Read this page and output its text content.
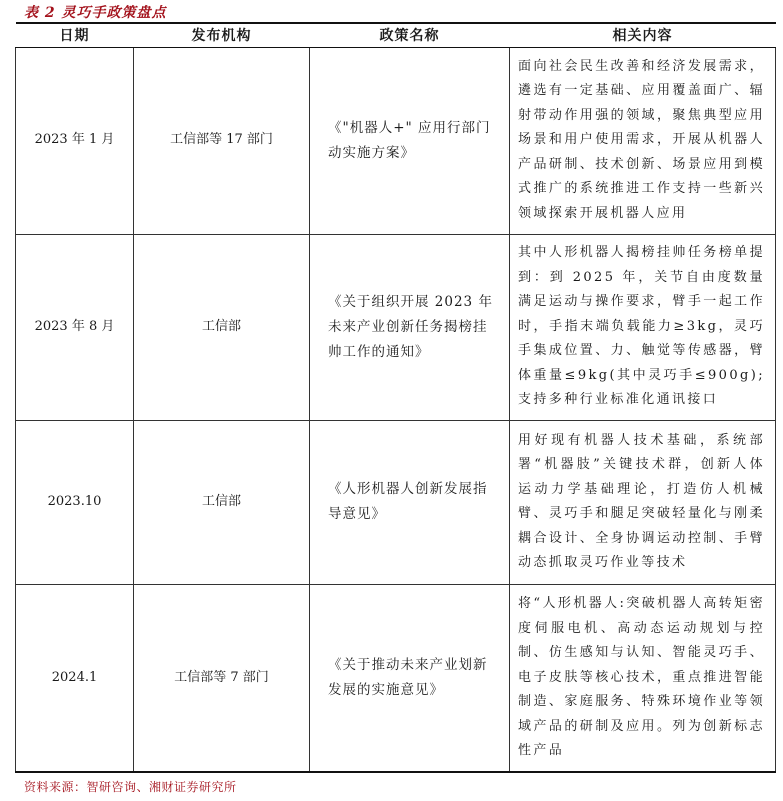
表 2 灵巧手政策盘点
日期	发布机构	政策名称	相关内容
2023 年 1 月	工信部等 17 部门	《"机器人+" 应用行部门动实施方案》	面向社会民生改善和经济发展需求，遴选有一定基础、应用覆盖面广、辐射带动作用强的领域，聚焦典型应用场景和用户使用需求，开展从机器人产品研制、技术创新、场景应用到模式推广的系统推进工作支持一些新兴领域探索开展机器人应用
2023 年 8 月	工信部	《关于组织开展 2023 年未来产业创新任务揭榜挂帅工作的通知》	其中人形机器人揭榜挂帅任务榜单提到：到 2025 年，关节自由度数量满足运动与操作要求，臂手一起工作时，手指末端负载能力≥3kg，灵巧手集成位置、力、触觉等传感器，臂体重量≤9kg(其中灵巧手≤900g);支持多种行业标准化通讯接口
2023.10	工信部	《人形机器人创新发展指导意见》	用好现有机器人技术基础，系统部署“机器肢”关键技术群，创新人体运动力学基础理论，打造仿人机械臂、灵巧手和腿足突破轻量化与刚柔耦合设计、全身协调运动控制、手臂动态抓取灵巧作业等技术
2024.1	工信部等 7 部门	《关于推动未来产业划新发展的实施意见》	将“人形机器人:突破机器人高转矩密度伺服电机、高动态运动规划与控制、仿生感知与认知、智能灵巧手、电子皮肤等核心技术，重点推进智能制造、家庭服务、特殊环境作业等领域产品的研制及应用。列为创新标志性产品
资料来源：智研咨询、湘财证券研究所
